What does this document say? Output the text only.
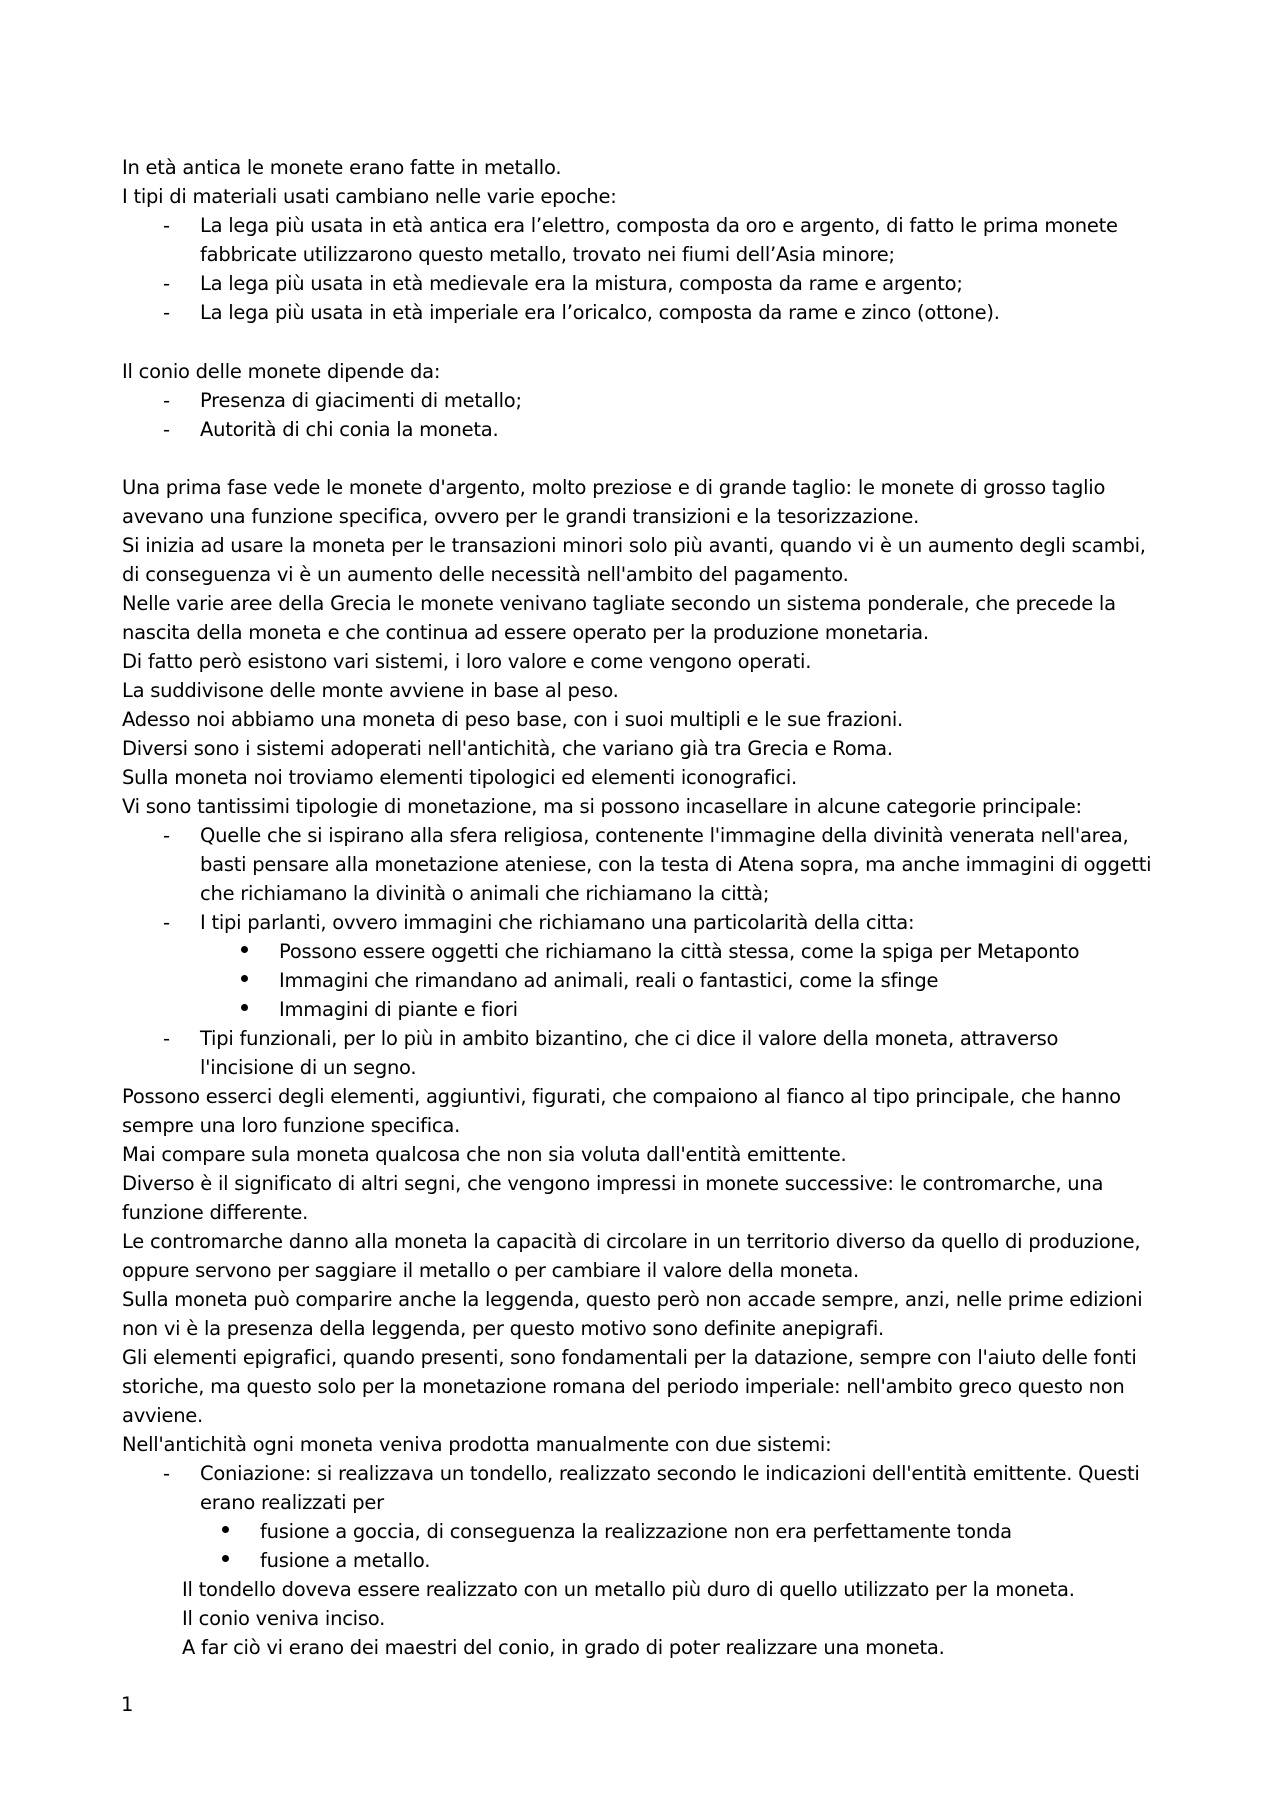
In età antica le monete erano fatte in metallo.
I tipi di materiali usati cambiano nelle varie epoche:
- La lega più usata in età antica era l’elettro, composta da oro e argento, di fatto le prima monete
fabbricate utilizzarono questo metallo, trovato nei fiumi dell’Asia minore;
- La lega più usata in età medievale era la mistura, composta da rame e argento;
- La lega più usata in età imperiale era l’oricalco, composta da rame e zinco (ottone).
Il conio delle monete dipende da:
- Presenza di giacimenti di metallo;
- Autorità di chi conia la moneta.
Una prima fase vede le monete d'argento, molto preziose e di grande taglio: le monete di grosso taglio
avevano una funzione specifica, ovvero per le grandi transizioni e la tesorizzazione.
Si inizia ad usare la moneta per le transazioni minori solo più avanti, quando vi è un aumento degli scambi,
di conseguenza vi è un aumento delle necessità nell'ambito del pagamento.
Nelle varie aree della Grecia le monete venivano tagliate secondo un sistema ponderale, che precede la
nascita della moneta e che continua ad essere operato per la produzione monetaria.
Di fatto però esistono vari sistemi, i loro valore e come vengono operati.
La suddivisone delle monte avviene in base al peso.
Adesso noi abbiamo una moneta di peso base, con i suoi multipli e le sue frazioni.
Diversi sono i sistemi adoperati nell'antichità, che variano già tra Grecia e Roma.
Sulla moneta noi troviamo elementi tipologici ed elementi iconografici.
Vi sono tantissimi tipologie di monetazione, ma si possono incasellare in alcune categorie principale:
- Quelle che si ispirano alla sfera religiosa, contenente l'immagine della divinità venerata nell'area,
basti pensare alla monetazione ateniese, con la testa di Atena sopra, ma anche immagini di oggetti
che richiamano la divinità o animali che richiamano la città;
- I tipi parlanti, ovvero immagini che richiamano una particolarità della citta:
Possono essere oggetti che richiamano la città stessa, come la spiga per Metaponto
Immagini che rimandano ad animali, reali o fantastici, come la sfinge
Immagini di piante e fiori
- Tipi funzionali, per lo più in ambito bizantino, che ci dice il valore della moneta, attraverso
l'incisione di un segno.
Possono esserci degli elementi, aggiuntivi, figurati, che compaiono al fianco al tipo principale, che hanno
sempre una loro funzione specifica.
Mai compare sula moneta qualcosa che non sia voluta dall'entità emittente.
Diverso è il significato di altri segni, che vengono impressi in monete successive: le contromarche, una
funzione differente.
Le contromarche danno alla moneta la capacità di circolare in un territorio diverso da quello di produzione,
oppure servono per saggiare il metallo o per cambiare il valore della moneta.
Sulla moneta può comparire anche la leggenda, questo però non accade sempre, anzi, nelle prime edizioni
non vi è la presenza della leggenda, per questo motivo sono definite anepigrafi.
Gli elementi epigrafici, quando presenti, sono fondamentali per la datazione, sempre con l'aiuto delle fonti
storiche, ma questo solo per la monetazione romana del periodo imperiale: nell'ambito greco questo non
avviene.
Nell'antichità ogni moneta veniva prodotta manualmente con due sistemi:
- Coniazione: si realizzava un tondello, realizzato secondo le indicazioni dell'entità emittente. Questi
erano realizzati per
fusione a goccia, di conseguenza la realizzazione non era perfettamente tonda
fusione a metallo.
Il tondello doveva essere realizzato con un metallo più duro di quello utilizzato per la moneta.
Il conio veniva inciso.
A far ciò vi erano dei maestri del conio, in grado di poter realizzare una moneta.
1
